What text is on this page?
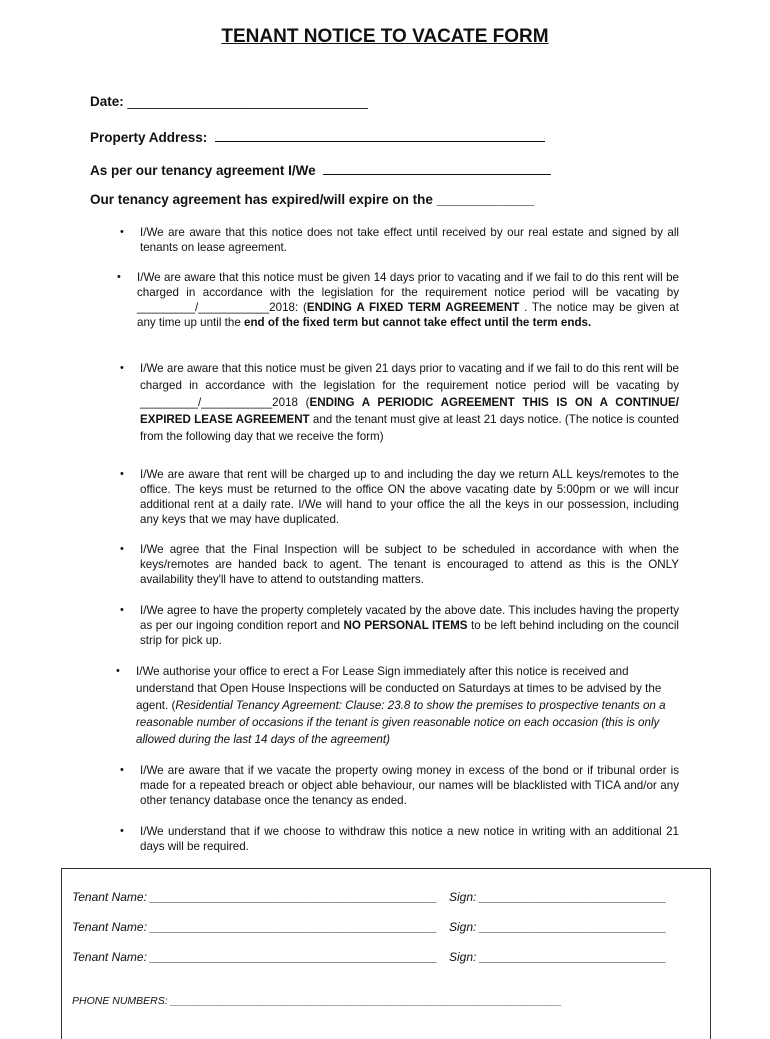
TENANT NOTICE TO VACATE FORM
Date: ________________________________
Property Address:
As per our tenancy agreement I/We
Our tenancy agreement has expired/will expire on the _____________
• I/We are aware that this notice does not take effect until received by our real estate and signed by all tenants on lease agreement.
• I/We are aware that this notice must be given 14 days prior to vacating and if we fail to do this rent will be charged in accordance with the legislation for the requirement notice period will be vacating by _________/___________2018: (ENDING A FIXED TERM AGREEMENT . The notice may be given at any time up until the end of the fixed term but cannot take effect until the term ends.
• I/We are aware that this notice must be given 21 days prior to vacating and if we fail to do this rent will be charged in accordance with the legislation for the requirement notice period will be vacating by _________/___________2018 (ENDING A PERIODIC AGREEMENT THIS IS ON A CONTINUE/ EXPIRED LEASE AGREEMENT and the tenant must give at least 21 days notice. (The notice is counted from the following day that we receive the form)
• I/We are aware that rent will be charged up to and including the day we return ALL keys/remotes to the office. The keys must be returned to the office ON the above vacating date by 5:00pm or we will incur additional rent at a daily rate. I/We will hand to your office the all the keys in our possession, including any keys that we may have duplicated.
• I/We agree that the Final Inspection will be subject to be scheduled in accordance with when the keys/remotes are handed back to agent. The tenant is encouraged to attend as this is the ONLY availability they'll have to attend to outstanding matters.
• I/We agree to have the property completely vacated by the above date. This includes having the property as per our ingoing condition report and NO PERSONAL ITEMS to be left behind including on the council strip for pick up.
• I/We authorise your office to erect a For Lease Sign immediately after this notice is received and understand that Open House Inspections will be conducted on Saturdays at times to be advised by the agent. (Residential Tenancy Agreement: Clause: 23.8 to show the premises to prospective tenants on a reasonable number of occasions if the tenant is given reasonable notice on each occasion (this is only allowed during the last 14 days of the agreement)
• I/We are aware that if we vacate the property owing money in excess of the bond or if tribunal order is made for a repeated breach or object able behaviour, our names will be blacklisted with TICA and/or any other tenancy database once the tenancy as ended.
• I/We understand that if we choose to withdraw this notice a new notice in writing with an additional 21 days will be required.
Tenant Name: ___________________________________________ Sign: ____________________________
Tenant Name: ___________________________________________ Sign: ____________________________
Tenant Name: ___________________________________________ Sign: ____________________________
PHONE NUMBERS: ___________________________________________________________________
